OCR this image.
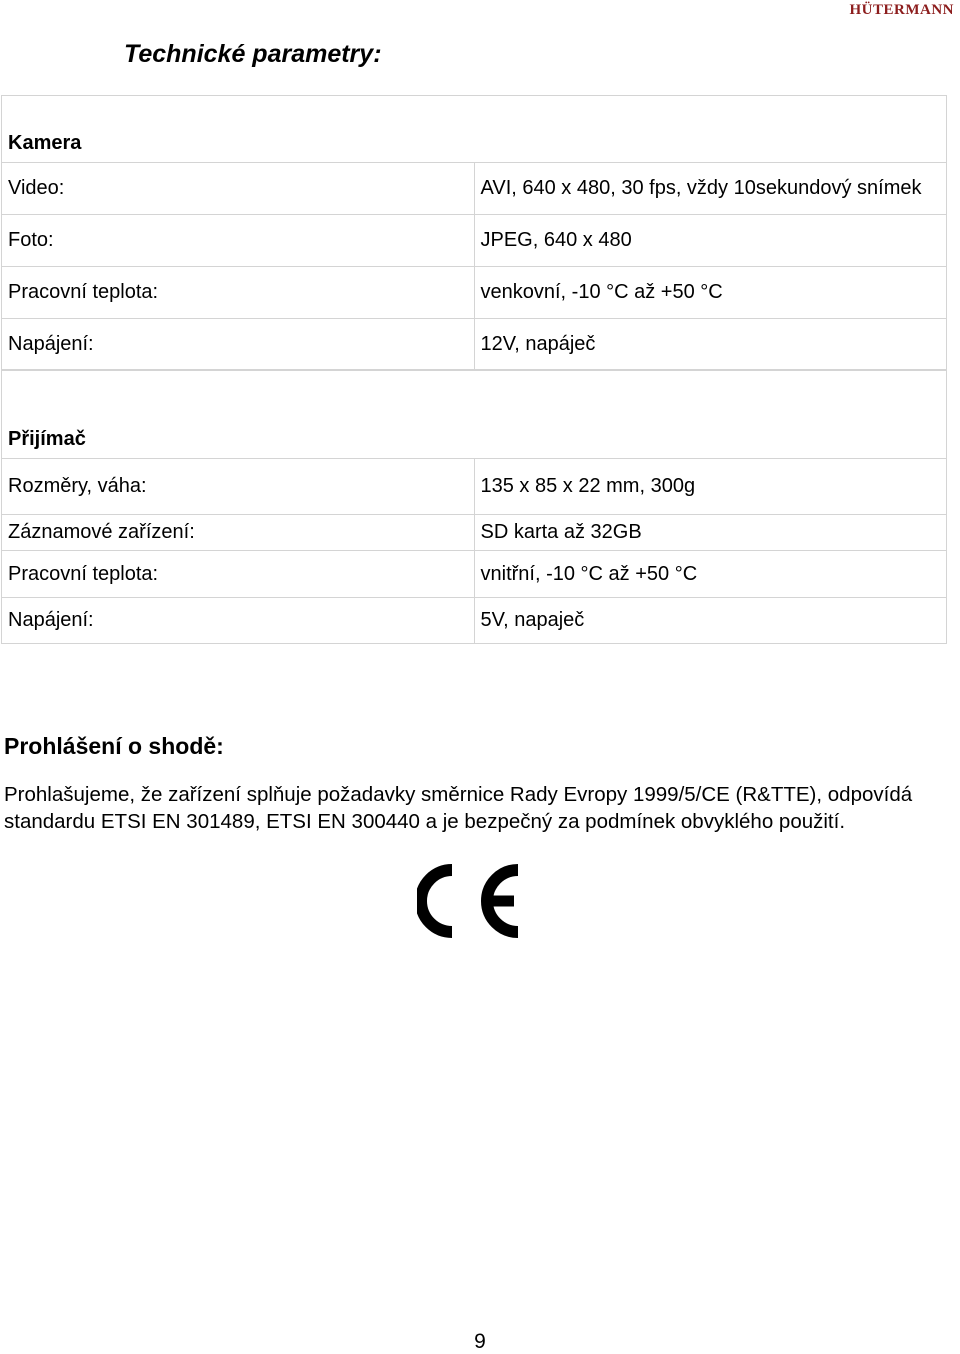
HÜTERMANN
Technické parametry:
Kamera	
Video:	AVI, 640 x 480, 30 fps, vždy 10sekundový snímek
Foto:	JPEG, 640 x 480
Pracovní teplota:	venkovní, -10 °C až +50 °C
Napájení:	12V, napáječ
Přijímač	
Rozměry, váha:	135 x 85 x 22 mm, 300g
Záznamové zařízení:	SD karta až 32GB
Pracovní teplota:	vnitřní, -10 °C až +50 °C
Napájení:	5V, napaječ
Prohlášení o shodě:

Prohlašujeme, že zařízení splňuje požadavky směrnice Rady Evropy 1999/5/CE (R&TTE), odpovídá standardu ETSI EN 301489, ETSI EN 300440 a je bezpečný za podmínek obvyklého použití.

9
